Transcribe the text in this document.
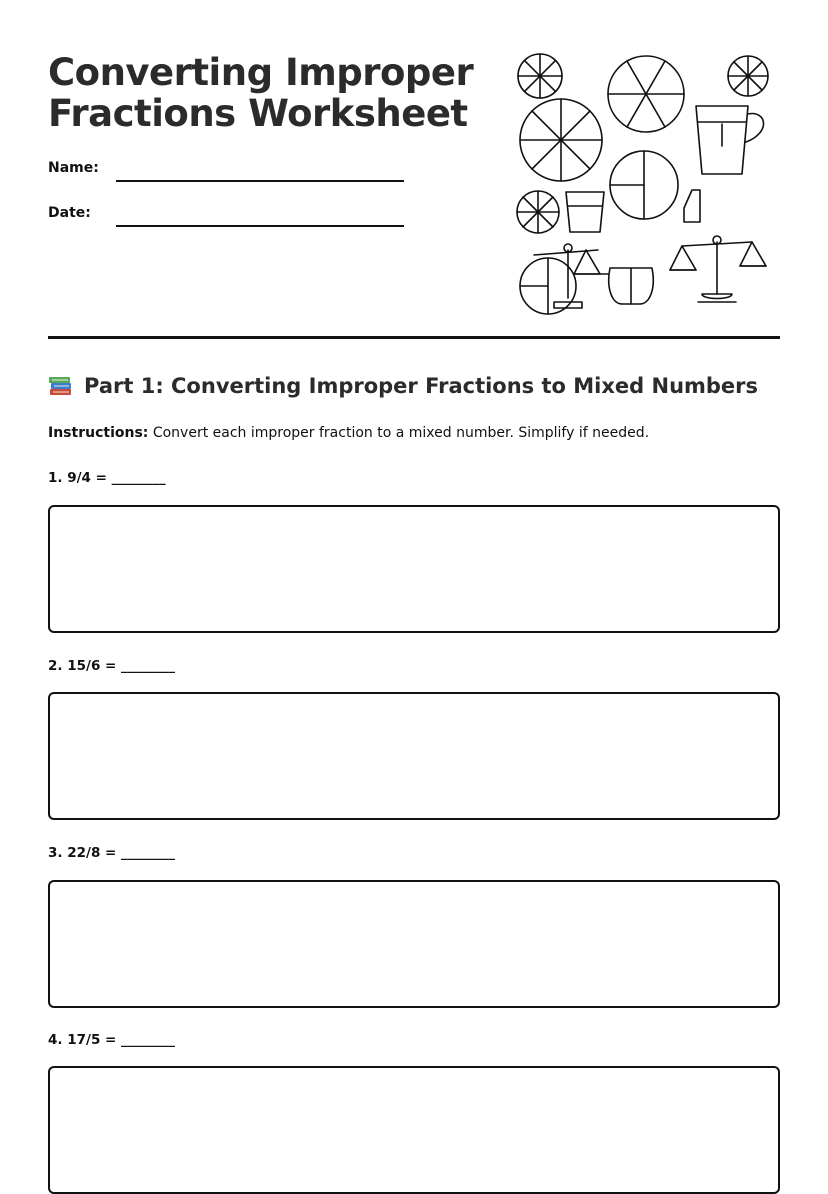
Converting Improper
Fractions Worksheet
Name:
Date:
Part 1: Converting Improper Fractions to Mixed Numbers
Instructions: Convert each improper fraction to a mixed number. Simplify if needed.
1. 9/4 = ________
2. 15/6 = ________
3. 22/8 = ________
4. 17/5 = ________
